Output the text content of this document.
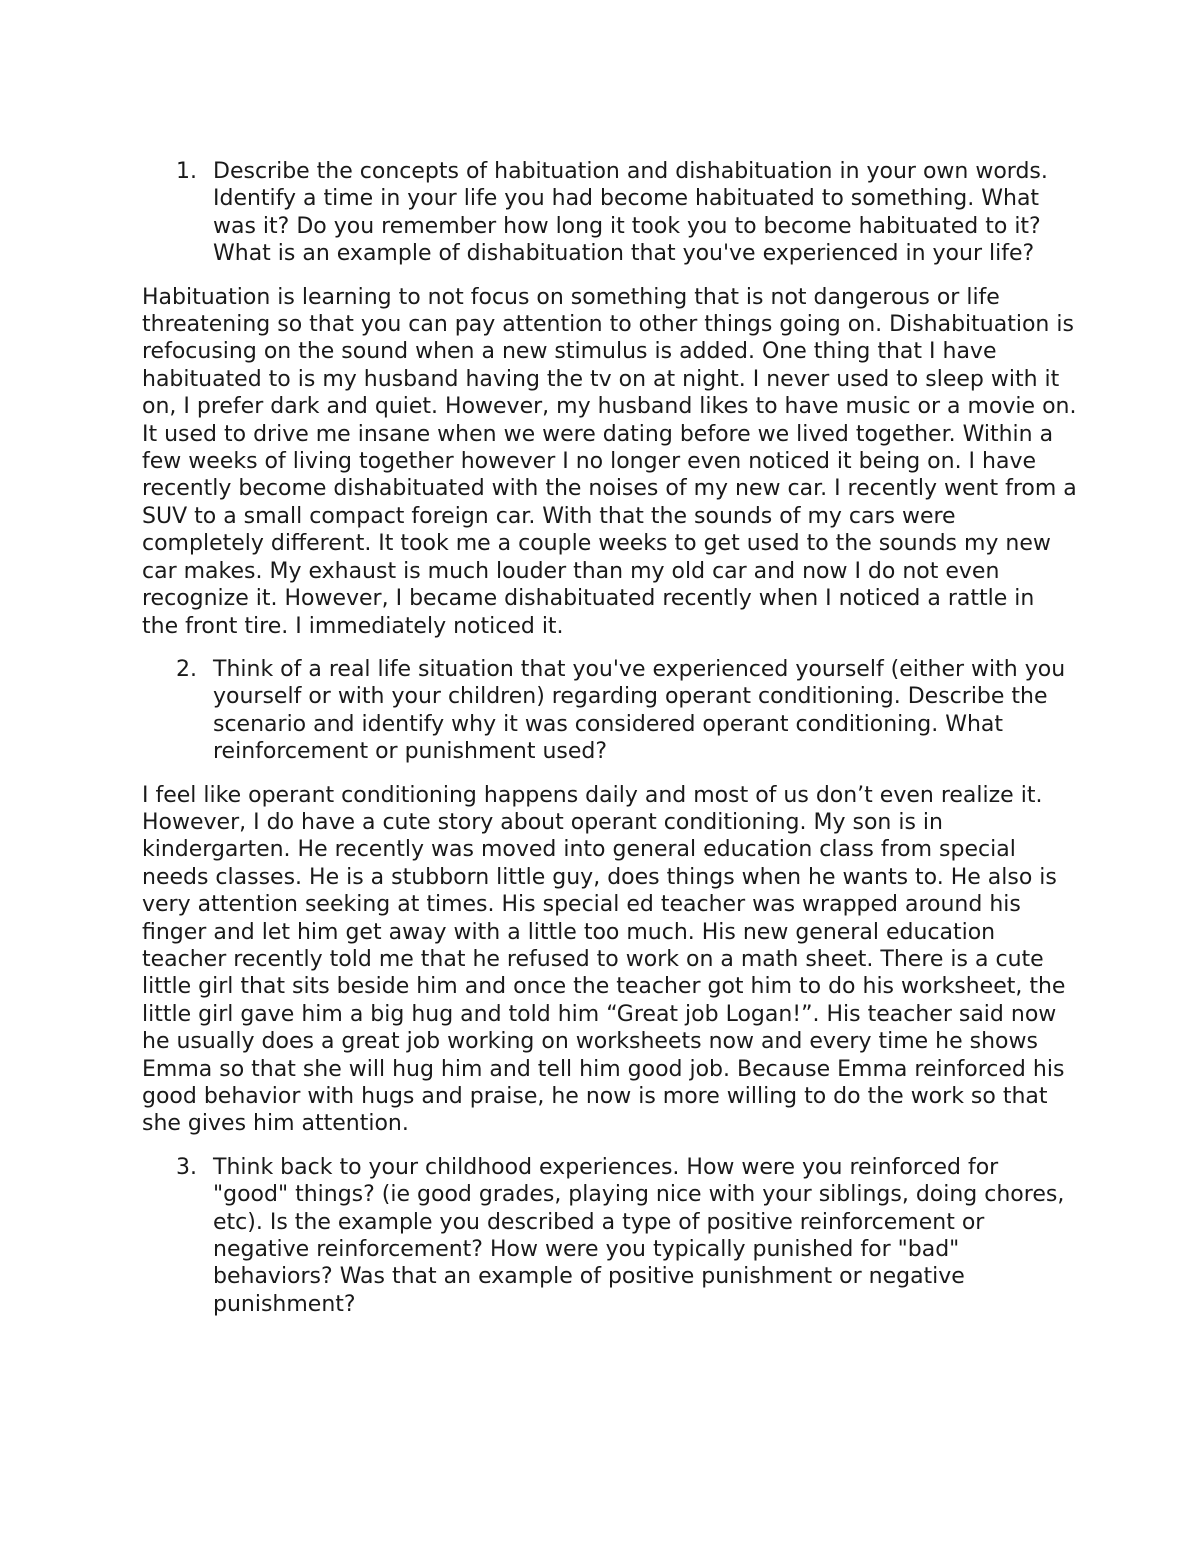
1. Describe the concepts of habituation and dishabituation in your own words. Identify a time in your life you had become habituated to something. What was it? Do you remember how long it took you to become habituated to it? What is an example of dishabituation that you've experienced in your life?

Habituation is learning to not focus on something that is not dangerous or life threatening so that you can pay attention to other things going on. Dishabituation is refocusing on the sound when a new stimulus is added. One thing that I have habituated to is my husband having the tv on at night. I never used to sleep with it on, I prefer dark and quiet. However, my husband likes to have music or a movie on. It used to drive me insane when we were dating before we lived together. Within a few weeks of living together however I no longer even noticed it being on. I have recently become dishabituated with the noises of my new car. I recently went from a SUV to a small compact foreign car. With that the sounds of my cars were completely different. It took me a couple weeks to get used to the sounds my new car makes. My exhaust is much louder than my old car and now I do not even recognize it. However, I became dishabituated recently when I noticed a rattle in the front tire. I immediately noticed it.

2. Think of a real life situation that you've experienced yourself (either with you yourself or with your children) regarding operant conditioning. Describe the scenario and identify why it was considered operant conditioning. What reinforcement or punishment used?

I feel like operant conditioning happens daily and most of us don’t even realize it. However, I do have a cute story about operant conditioning. My son is in kindergarten. He recently was moved into general education class from special needs classes. He is a stubborn little guy, does things when he wants to. He also is very attention seeking at times. His special ed teacher was wrapped around his finger and let him get away with a little too much. His new general education teacher recently told me that he refused to work on a math sheet. There is a cute little girl that sits beside him and once the teacher got him to do his worksheet, the little girl gave him a big hug and told him “Great job Logan!”. His teacher said now he usually does a great job working on worksheets now and every time he shows Emma so that she will hug him and tell him good job. Because Emma reinforced his good behavior with hugs and praise, he now is more willing to do the work so that she gives him attention.

3. Think back to your childhood experiences. How were you reinforced for "good" things? (ie good grades, playing nice with your siblings, doing chores, etc). Is the example you described a type of positive reinforcement or negative reinforcement? How were you typically punished for "bad" behaviors? Was that an example of positive punishment or negative punishment?
